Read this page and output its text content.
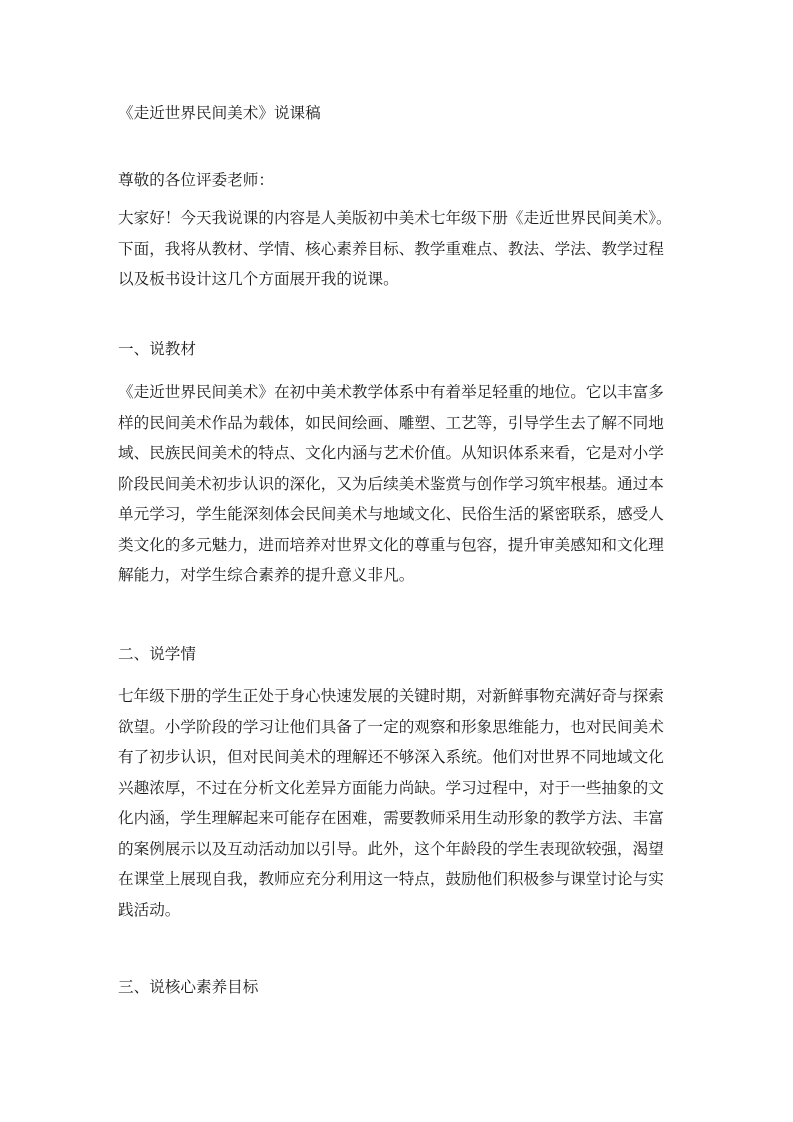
《走近世界民间美术》说课稿

尊敬的各位评委老师：

大家好！今天我说课的内容是人美版初中美术七年级下册《走近世界民间美术》。
下面，我将从教材、学情、核心素养目标、教学重难点、教法、学法、教学过程
以及板书设计这几个方面展开我的说课。
一、说教材
《走近世界民间美术》在初中美术教学体系中有着举足轻重的地位。它以丰富多
样的民间美术作品为载体，如民间绘画、雕塑、工艺等，引导学生去了解不同地
域、民族民间美术的特点、文化内涵与艺术价值。从知识体系来看，它是对小学
阶段民间美术初步认识的深化，又为后续美术鉴赏与创作学习筑牢根基。通过本
单元学习，学生能深刻体会民间美术与地域文化、民俗生活的紧密联系，感受人
类文化的多元魅力，进而培养对世界文化的尊重与包容，提升审美感知和文化理
解能力，对学生综合素养的提升意义非凡。
二、说学情
七年级下册的学生正处于身心快速发展的关键时期，对新鲜事物充满好奇与探索
欲望。小学阶段的学习让他们具备了一定的观察和形象思维能力，也对民间美术
有了初步认识，但对民间美术的理解还不够深入系统。他们对世界不同地域文化
兴趣浓厚，不过在分析文化差异方面能力尚缺。学习过程中，对于一些抽象的文
化内涵，学生理解起来可能存在困难，需要教师采用生动形象的教学方法、丰富
的案例展示以及互动活动加以引导。此外，这个年龄段的学生表现欲较强，渴望
在课堂上展现自我，教师应充分利用这一特点，鼓励他们积极参与课堂讨论与实
践活动。
三、说核心素养目标
